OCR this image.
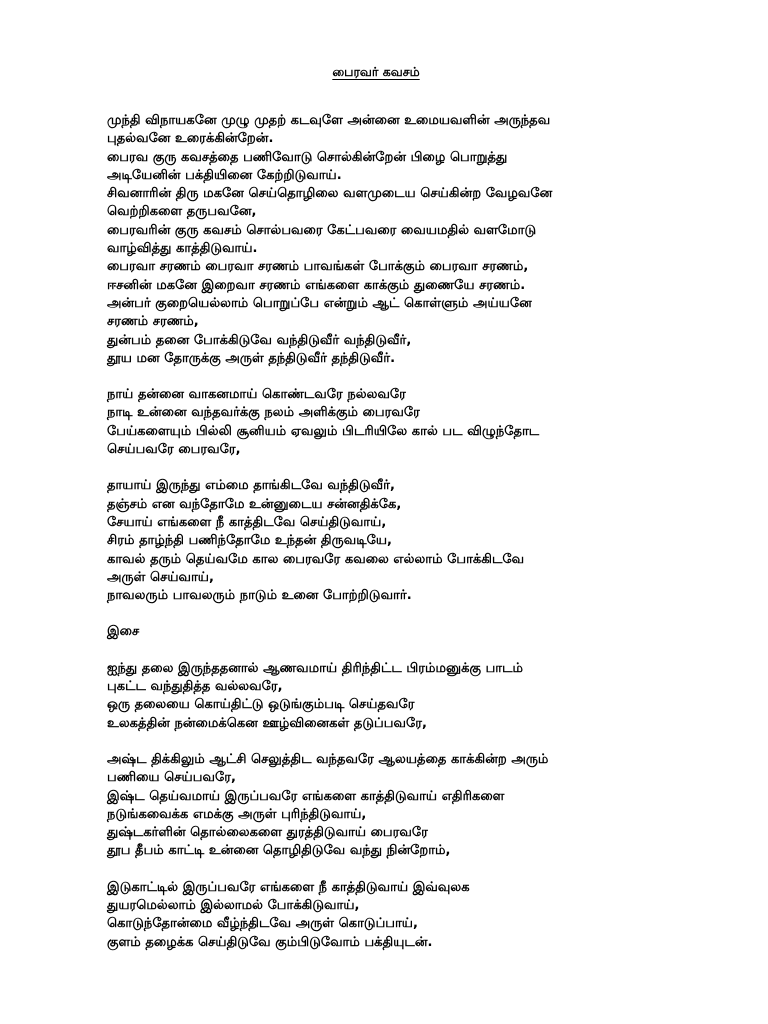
பைரவர் கவசம்
முந்தி விநாயகனே முழு முதற் கடவுளே அன்னை உமையவளின் அருந்தவ
புதல்வனே உரைக்கின்றேன்.
பைரவ குரு கவசத்தை பணிவோடு சொல்கின்றேன் பிழை பொறுத்து
அடியேனின் பக்தியினை கேற்றிடுவாய்.
சிவனாரின் திரு மகனே செய்தொழிலை வளமுடைய செய்கின்ற வேழவனே
வெற்றிகளை தருபவனே,
பைரவரின் குரு கவசம் சொல்பவரை கேட்பவரை வையமதில் வளமோடு
வாழ்வித்து காத்திடுவாய்.
பைரவா சரணம் பைரவா சரணம் பாவங்கள் போக்கும் பைரவா சரணம்,
ஈசனின் மகனே இறைவா சரணம் எங்களை காக்கும் துணையே சரணம்.
அன்பர் குறையெல்லாம் பொறுப்பே என்றும் ஆட் கொள்ளும் அய்யனே
சரணம் சரணம்,
துன்பம் தனை போக்கிடுவே வந்திடுவீர் வந்திடுவீர்,
தூய மன தோருக்கு அருள் தந்திடுவீர் தந்திடுவீர்.
நாய் தன்னை வாகனமாய் கொண்டவரே நல்லவரே
நாடி உன்னை வந்தவர்க்கு நலம் அளிக்கும் பைரவரே
பேய்களையும் பில்லி சூனியம் ஏவலும் பிடரியிலே கால் பட விழுந்தோட
செய்பவரே பைரவரே,
தாயாய் இருந்து எம்மை தாங்கிடவே வந்திடுவீர்,
தஞ்சம் என வந்தோமே உன்னுடைய சன்னதிக்கே,
சேயாய் எங்களை நீ காத்திடவே செய்திடுவாய்,
சிரம் தாழ்ந்தி பணிந்தோமே உந்தன் திருவடியே,
காவல் தரும் தெய்வமே கால பைரவரே கவலை எல்லாம் போக்கிடவே
அருள் செய்வாய்,
நாவலரும் பாவலரும் நாடும் உனை போற்றிடுவார்.
இசை
ஐந்து தலை இருந்ததனால் ஆணவமாய் திரிந்திட்ட பிரம்மனுக்கு பாடம்
புகட்ட வந்துதித்த வல்லவரே,
ஒரு தலையை கொய்திட்டு ஒடுங்கும்படி செய்தவரே
உலகத்தின் நன்மைக்கென ஊழ்வினைகள் தடுப்பவரே,
அஷ்ட திக்கிலும் ஆட்சி செலுத்திட வந்தவரே ஆலயத்தை காக்கின்ற அரும்
பணியை செய்பவரே,
இஷ்ட தெய்வமாய் இருப்பவரே எங்களை காத்திடுவாய் எதிரிகளை
நடுங்கவைக்க எமக்கு அருள் புரிந்திடுவாய்,
துஷ்டகர்ளின் தொல்லைகளை துரத்திடுவாய் பைரவரே
தூப தீபம் காட்டி உன்னை தொழிதிடுவே வந்து நின்றோம்,
இடுகாட்டில் இருப்பவரே எங்களை நீ காத்திடுவாய் இவ்வுலக
துயரமெல்லாம் இல்லாமல் போக்கிடுவாய்,
கொடுந்தோன்மை வீழ்ந்திடவே அருள் கொடுப்பாய்,
குளம் தழைக்க செய்திடுவே கும்பிடுவோம் பக்தியுடன்.
